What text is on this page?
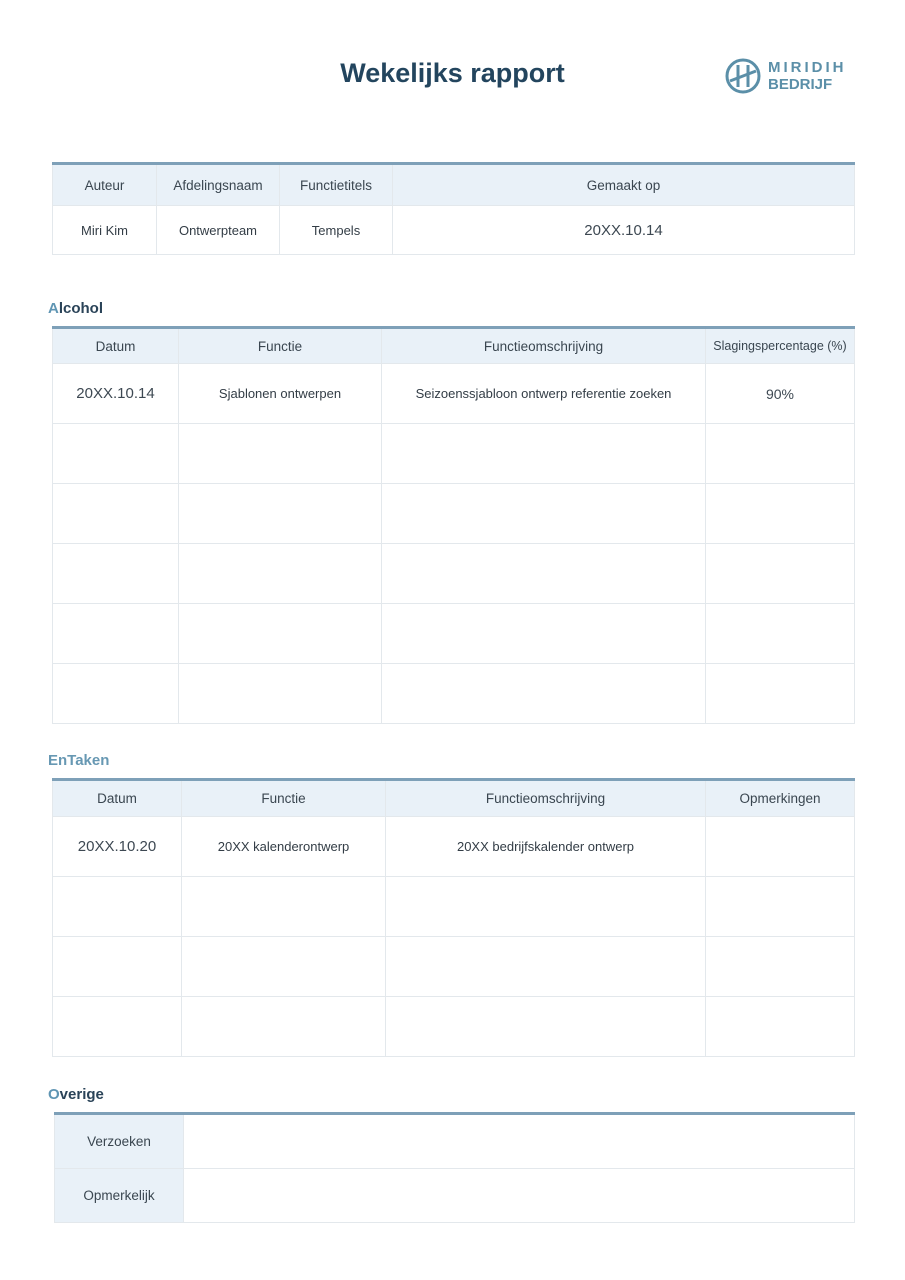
Wekelijks rapport	MIRIDIH
BEDRIJF
Auteur	Afdelingsnaam	Functietitels	Gemaakt op
Miri Kim	Ontwerpteam	Tempels	20XX.10.14
Alcohol
Datum	Functie	Functieomschrijving	Slagingspercentage (%)
20XX.10.14	Sjablonen ontwerpen	Seizoenssjabloon ontwerp referentie zoeken	90%

EnTaken
Datum	Functie	Functieomschrijving	Opmerkingen
20XX.10.20	20XX kalenderontwerp	20XX bedrijfskalender ontwerp	

Overige
Verzoeken	
Opmerkelijk	
